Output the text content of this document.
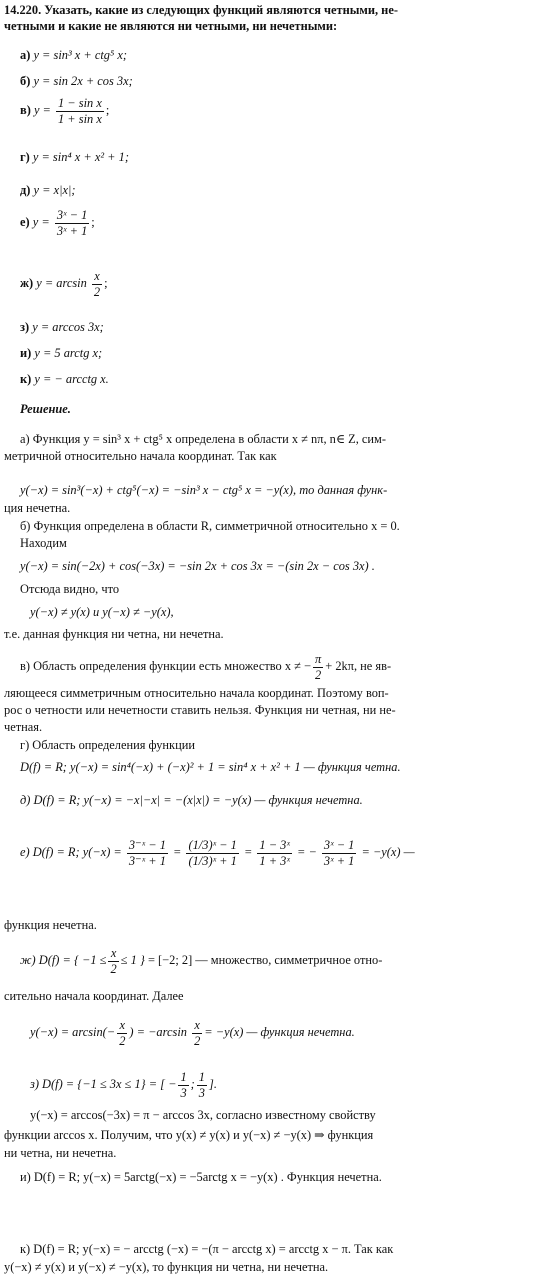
14.220. Указать, какие из следующих функций являются четными, не-
четными и какие не являются ни четными, ни нечетными:
а) y = sin³ x + ctg⁵ x;
б) y = sin 2x + cos 3x;
в) $y = \frac{\text{1 − sin x}}{\text{1 + sin x}}$ ;
г) y = sin⁴ x + x² + 1;
д) y = x|x|;
е) $y = \frac{\text{3ˣ − 1}}{\text{3ˣ + 1}}$ ;
ж) $y = \arcsin \frac{x}{2}$ ;
з) y = arccos 3x;
и) y = 5 arctg x;
к) y = − arcctg x.
Решение.
а) Функция y = sin³ x + ctg⁵ x определена в области x ≠ nπ, n∈ Z, сим-
метричной относительно начала координат. Так как
y(−x) = sin³(−x) + ctg⁵(−x) = −sin³ x − ctg⁵ x = −y(x), то данная функ-
ция нечетна.
б) Функция определена в области R, симметричной относительно x = 0.
Находим
y(−x) = sin(−2x) + cos(−3x) = −sin 2x + cos 3x = −(sin 2x − cos 3x) .
Отсюда видно, что
y(−x) ≠ y(x) и y(−x) ≠ −y(x),
т.е. данная функция ни четна, ни нечетна.
в) Область определения функции есть множество x ≠ − $\frac{\pi}{2} + 2k\pi$, не яв-
ляющееся симметричным относительно начала координат. Поэтому воп-
рос о четности или нечетности ставить нельзя. Функция ни четная, ни не-
четная.
г) Область определения функции
D(f) = R; y(−x) = sin⁴(−x) + (−x)² + 1 = sin⁴ x + x² + 1 — функция четна.
д) D(f) = R; y(−x) = −x|−x| = −(x|x|) = −y(x) — функция нечетна.
е) D(f) = R; $y(-x) = \frac{\text{3⁻ˣ − 1}}{\text{3⁻ˣ + 1}} = \frac{\text{(1/3)ˣ − 1}}{\text{(1/3)ˣ + 1}} = \frac{\text{1 − 3ˣ}}{\text{1 + 3ˣ}}$ = − $\frac{\text{3ˣ − 1}}{\text{3ˣ + 1}} = -y(x)$ —
функция нечетна.
ж) D(f) = { $-1 \le \frac{x}{2} \le 1$ } = [−2; 2] — множество, симметричное отно-
сительно начала координат. Далее
$y(-x) = \arcsin(- \frac{x}{2}$ ) = $-\arcsin \frac{x}{2} = -y(x)$ — функция нечетна.
з) D(f) = {−1 ≤ 3x ≤ 1} = [ − $\frac{1}{3}$ ; $\frac{1}{3}$ ].
y(−x) = arccos(−3x) = π − arccos 3x, согласно известному свойству
функции arccos x. Получим, что y(x) ≠ y(x) и y(−x) ≠ −y(x) ⇒ функция
ни четна, ни нечетна.
и) D(f) = R; y(−x) = 5arctg(−x) = −5arctg x = −y(x) . Функция нечетна.
к) D(f) = R; y(−x) = − arcctg (−x) = −(π − arcctg x) = arcctg x − π. Так как
y(−x) ≠ y(x) и y(−x) ≠ −y(x), то функция ни четна, ни нечетна.
